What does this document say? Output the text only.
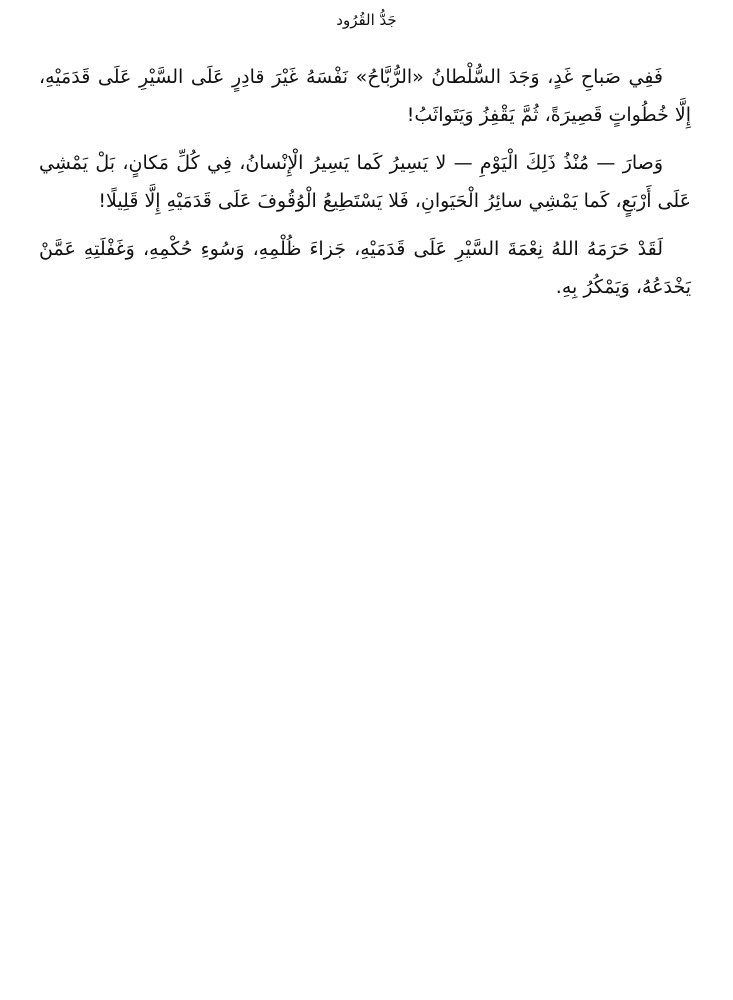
جَدُّ القُرُود

فَفِي صَباحِ غَدٍ، وَجَدَ السُّلْطانُ «الرُّبَّاحُ» نَفْسَهُ غَيْرَ قادِرٍ عَلَى السَّيْرِ عَلَى قَدَمَيْهِ، إِلَّا خُطُواتٍ قَصِيرَةً، ثُمَّ يَقْفِزُ وَيَتَواثَبُ!

وَصارَ — مُنْذُ ذَلِكَ الْيَوْمِ — لا يَسِيرُ كَما يَسِيرُ الْإِنْسانُ، فِي كُلِّ مَكانٍ، بَلْ يَمْشِي عَلَى أَرْبَعٍ، كَما يَمْشِي سائِرُ الْحَيَوانِ، فَلا يَسْتَطِيعُ الْوُقُوفَ عَلَى قَدَمَيْهِ إِلَّا قَلِيلًا!

لَقَدْ حَرَمَهُ اللهُ نِعْمَةَ السَّيْرِ عَلَى قَدَمَيْهِ، جَزاءَ ظُلْمِهِ، وَسُوءِ حُكْمِهِ، وَغَفْلَتِهِ عَمَّنْ يَخْدَعُهُ، وَيَمْكُرُ بِهِ.
